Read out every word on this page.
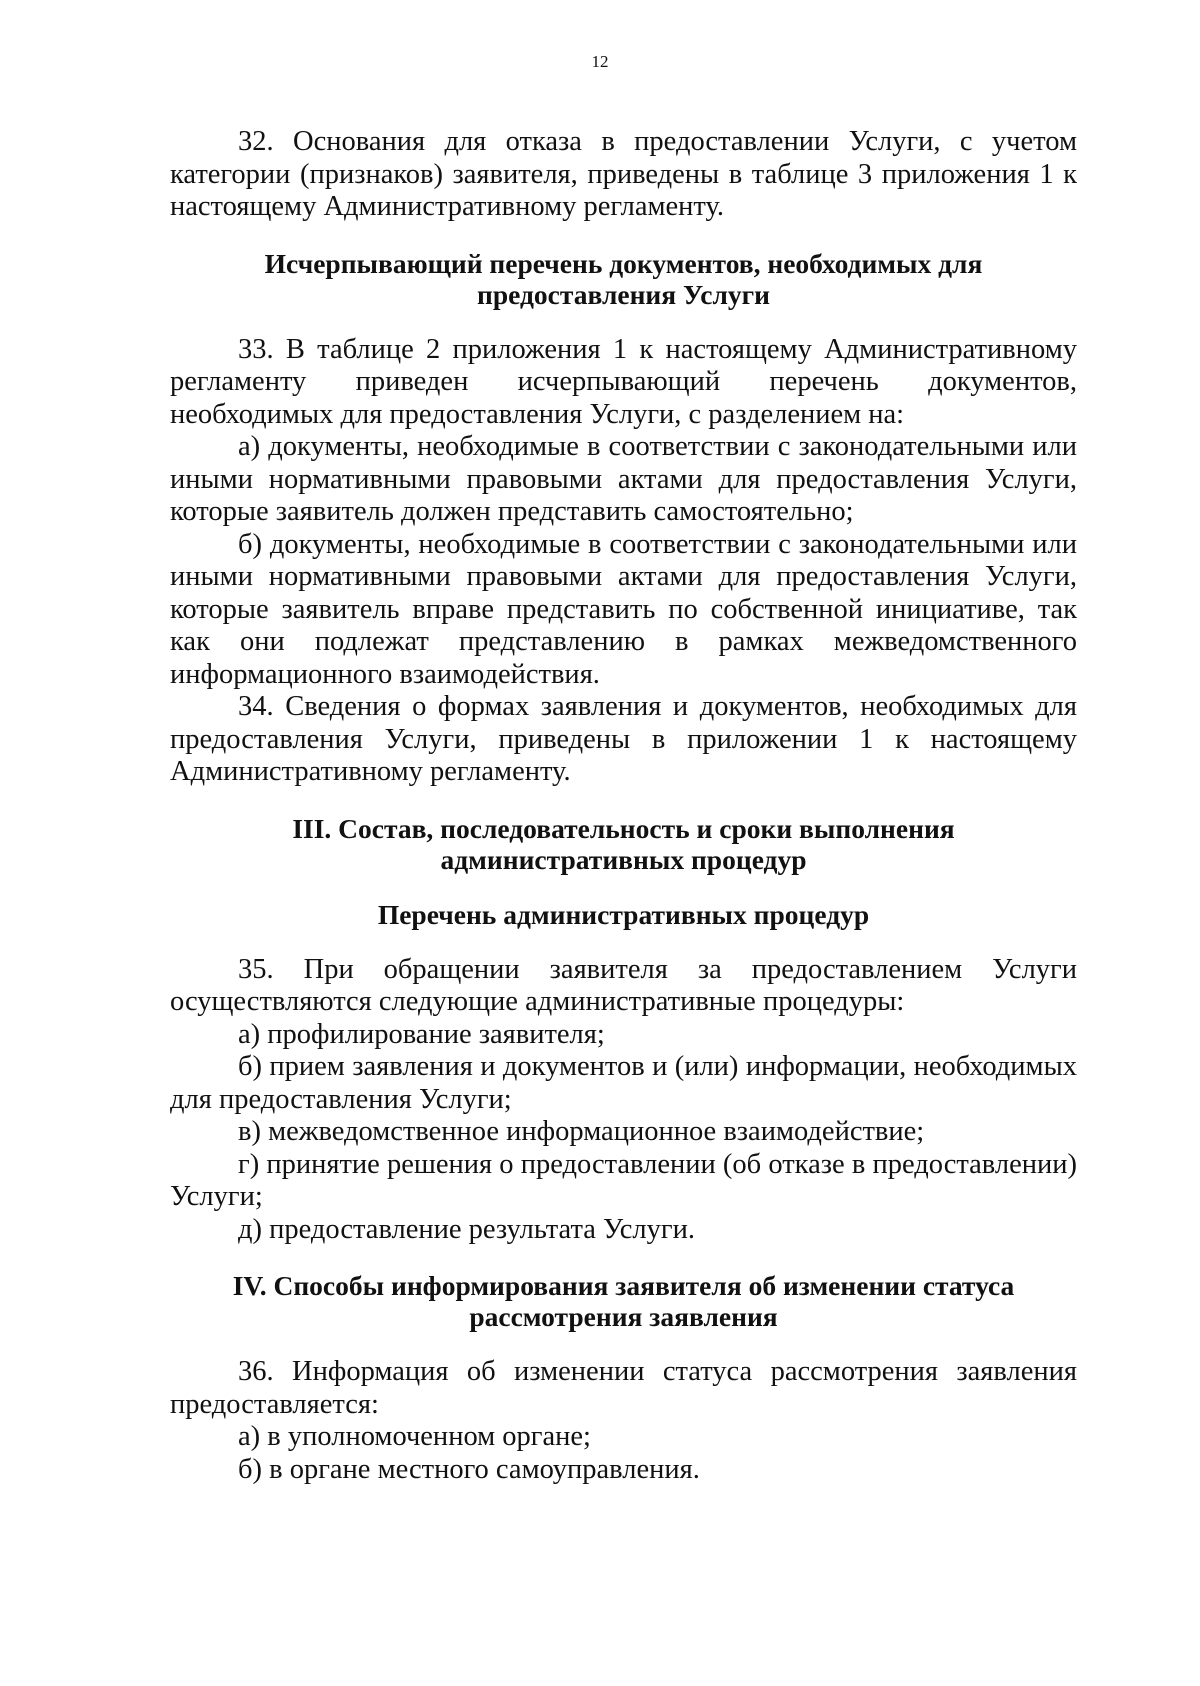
12

32. Основания для отказа в предоставлении Услуги, с учетом категории (признаков) заявителя, приведены в таблице 3 приложения 1 к настоящему Административному регламенту.

Исчерпывающий перечень документов, необходимых для
предоставления Услуги

33. В таблице 2 приложения 1 к настоящему Административному регламенту приведен исчерпывающий перечень документов, необходимых для предоставления Услуги, с разделением на:

а) документы, необходимые в соответствии с законодательными или иными нормативными правовыми актами для предоставления Услуги, которые заявитель должен представить самостоятельно;

б) документы, необходимые в соответствии с законодательными или иными нормативными правовыми актами для предоставления Услуги, которые заявитель вправе представить по собственной инициативе, так как они подлежат представлению в рамках межведомственного информационного взаимодействия.

34. Сведения о формах заявления и документов, необходимых для предоставления Услуги, приведены в приложении 1 к настоящему Административному регламенту.

III. Состав, последовательность и сроки выполнения
административных процедур
Перечень административных процедур

35. При обращении заявителя за предоставлением Услуги осуществляются следующие административные процедуры:

а) профилирование заявителя;

б) прием заявления и документов и (или) информации, необходимых для предоставления Услуги;

в) межведомственное информационное взаимодействие;

г) принятие решения о предоставлении (об отказе в предоставлении) Услуги;

д) предоставление результата Услуги.

IV. Способы информирования заявителя об изменении статуса
рассмотрения заявления

36. Информация об изменении статуса рассмотрения заявления предоставляется:

а) в уполномоченном органе;

б) в органе местного самоуправления.
